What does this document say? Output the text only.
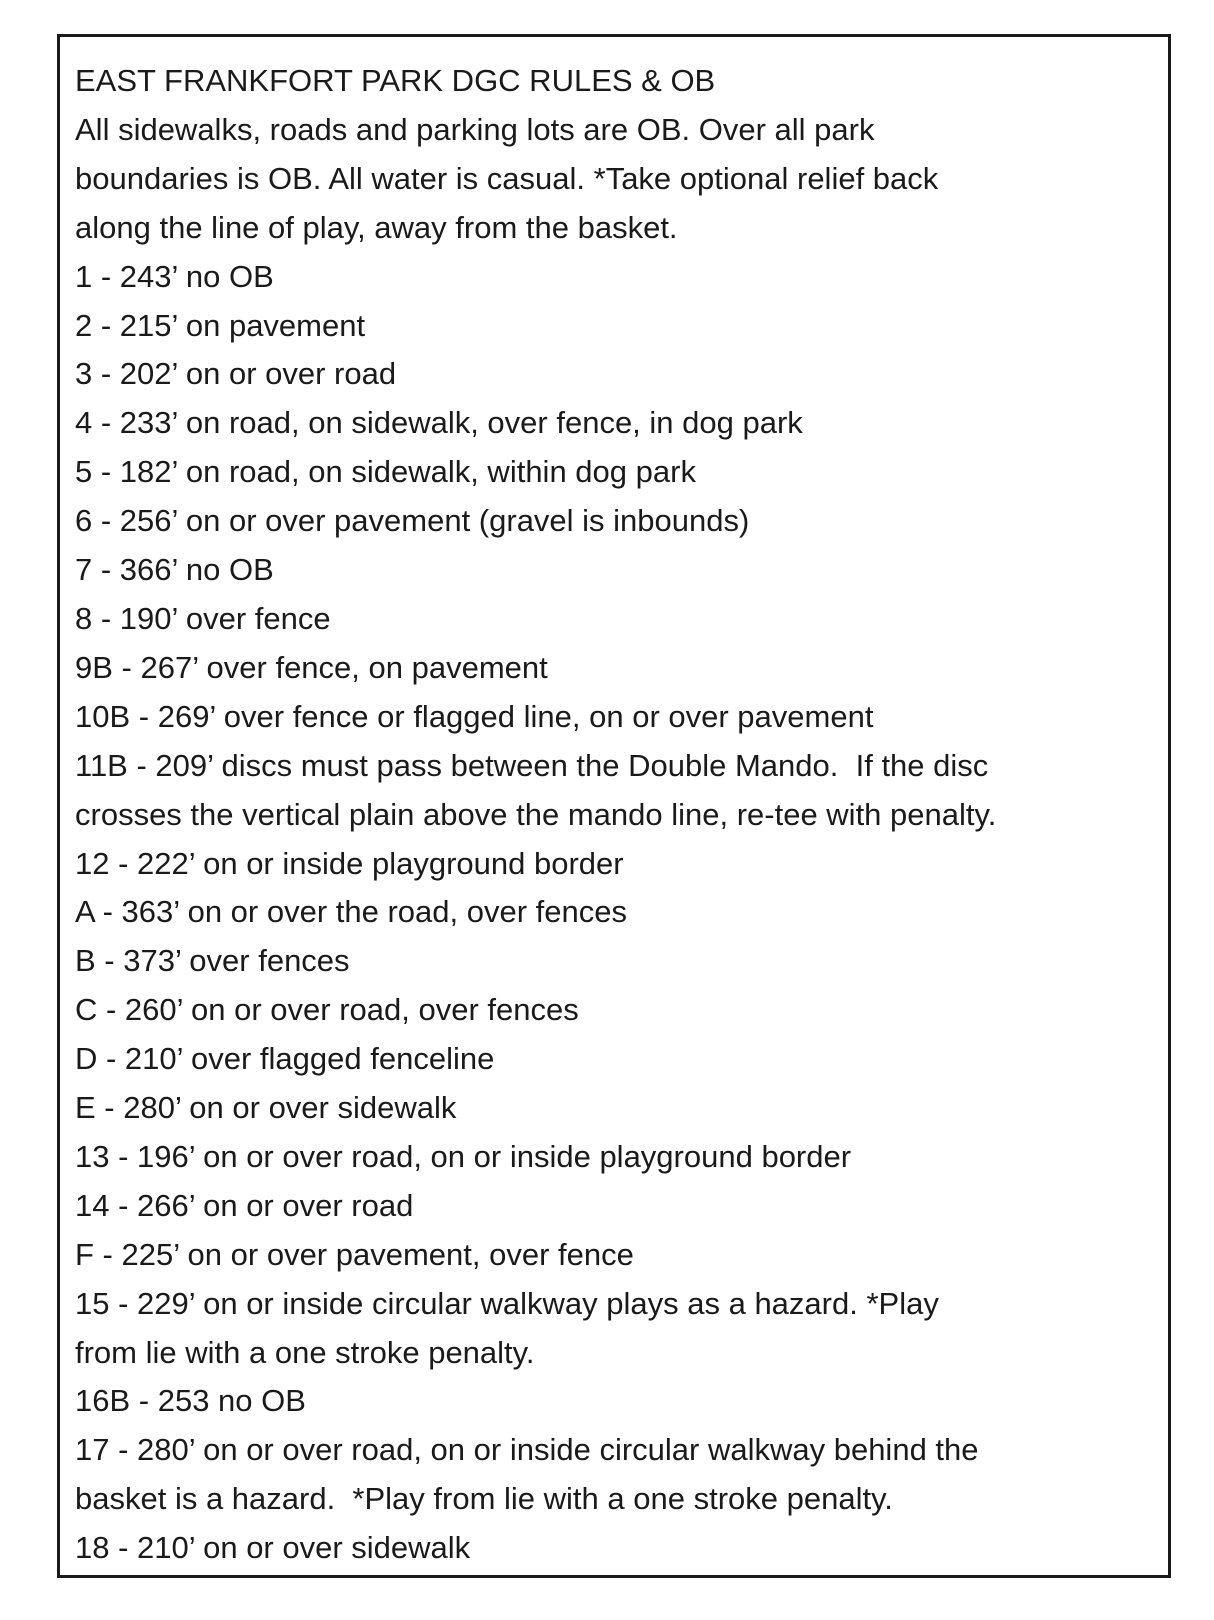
EAST FRANKFORT PARK DGC RULES & OB

All sidewalks, roads and parking lots are OB. Over all park

boundaries is OB. All water is casual. *Take optional relief back

along the line of play, away from the basket.

1 - 243’ no OB

2 - 215’ on pavement

3 - 202’ on or over road

4 - 233’ on road, on sidewalk, over fence, in dog park

5 - 182’ on road, on sidewalk, within dog park

6 - 256’ on or over pavement (gravel is inbounds)

7 - 366’ no OB

8 - 190’ over fence

9B - 267’ over fence, on pavement

10B - 269’ over fence or flagged line, on or over pavement

11B - 209’ discs must pass between the Double Mando.  If the disc

crosses the vertical plain above the mando line, re-tee with penalty.

12 - 222’ on or inside playground border

A - 363’ on or over the road, over fences

B - 373’ over fences

C - 260’ on or over road, over fences

D - 210’ over flagged fenceline

E - 280’ on or over sidewalk

13 - 196’ on or over road, on or inside playground border

14 - 266’ on or over road

F - 225’ on or over pavement, over fence

15 - 229’ on or inside circular walkway plays as a hazard. *Play

from lie with a one stroke penalty.

16B - 253 no OB

17 - 280’ on or over road, on or inside circular walkway behind the

basket is a hazard.  *Play from lie with a one stroke penalty.

18 - 210’ on or over sidewalk
